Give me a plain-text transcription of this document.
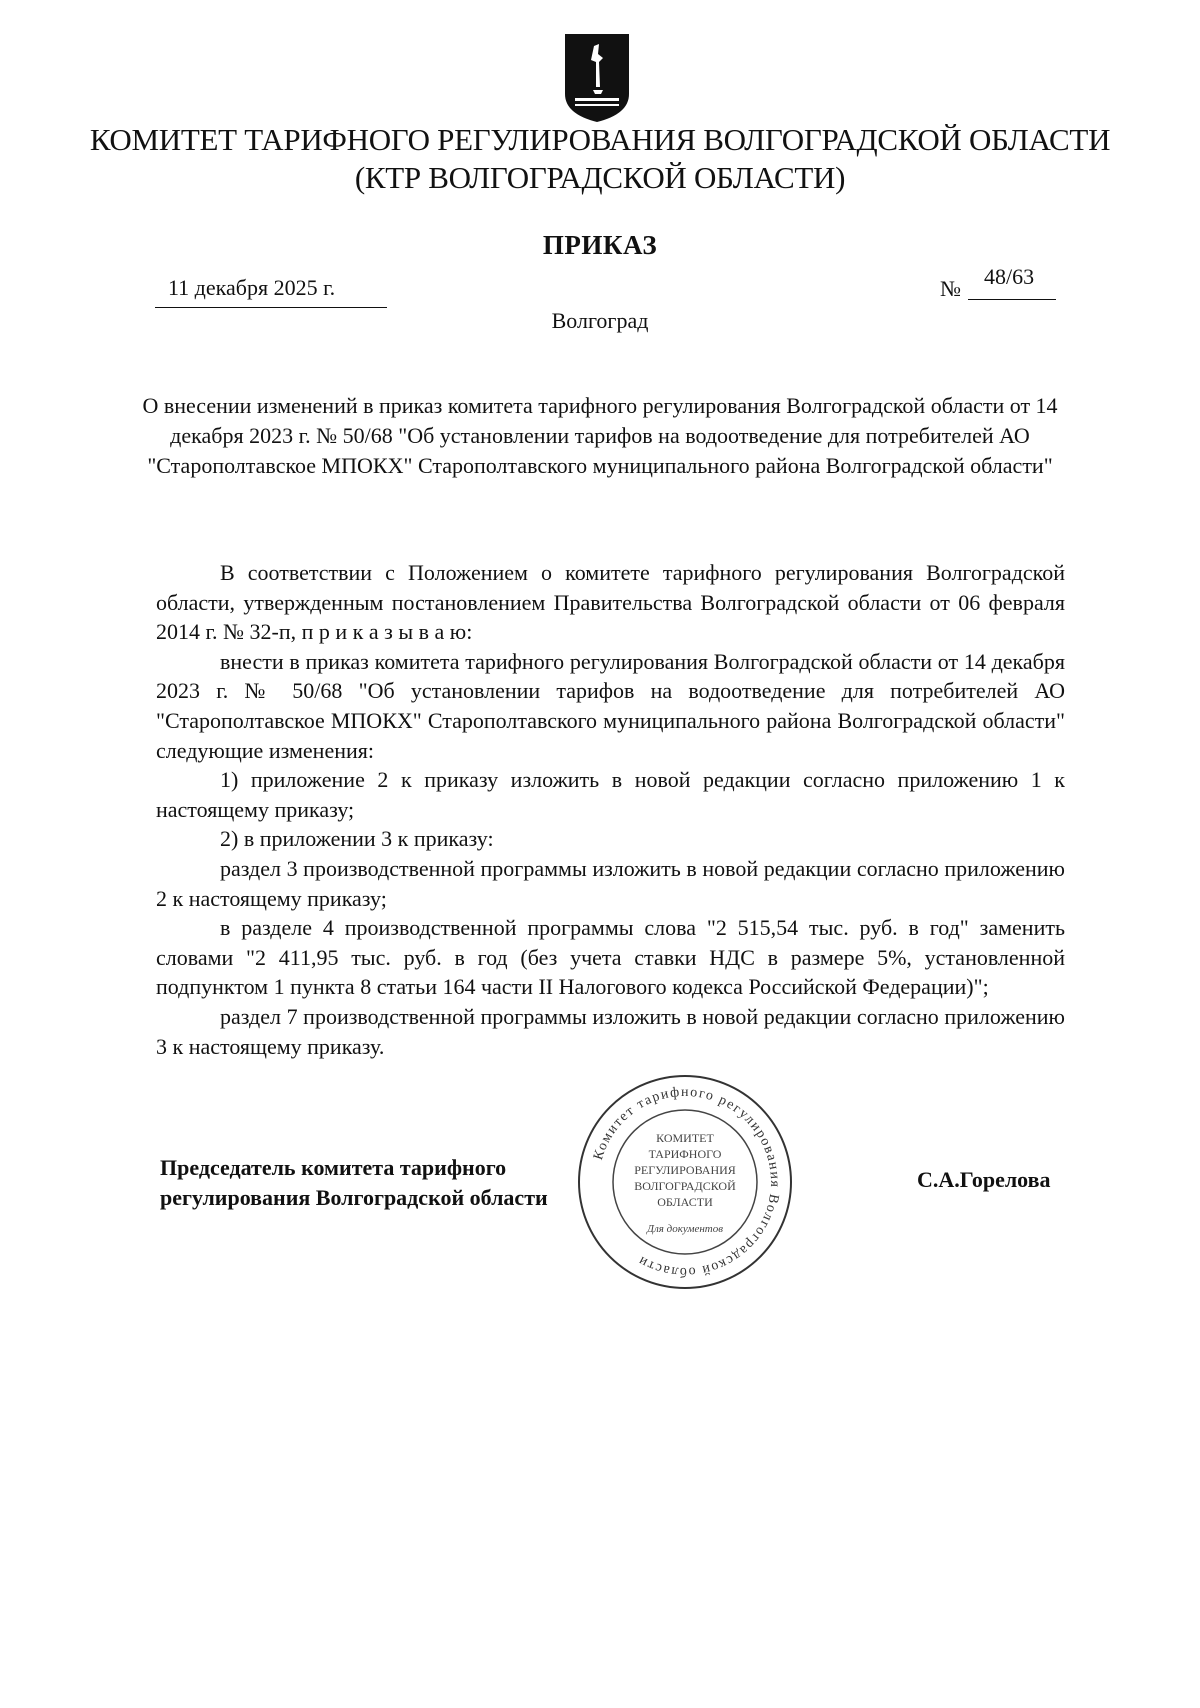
КОМИТЕТ ТАРИФНОГО РЕГУЛИРОВАНИЯ ВОЛГОГРАДСКОЙ ОБЛАСТИ
(КТР ВОЛГОГРАДСКОЙ ОБЛАСТИ)
ПРИКАЗ
11 декабря 2025 г.	№ 48/63
Волгоград
О внесении изменений в приказ комитета тарифного регулирования Волгоградской области от 14 декабря 2023 г. № 50/68 "Об установлении тарифов на водоотведение для потребителей АО "Старополтавское МПОКХ" Старополтавского муниципального района Волгоградской области"

В соответствии с Положением о комитете тарифного регулирования Волгоградской области, утвержденным постановлением Правительства Волгоградской области от 06 февраля 2014 г. № 32-п, п р и к а з ы в а ю:

внести в приказ комитета тарифного регулирования Волгоградской области от 14 декабря 2023 г. № 50/68 "Об установлении тарифов на водоотведение для потребителей АО "Старополтавское МПОКХ" Старополтавского муниципального района Волгоградской области" следующие изменения:

1) приложение 2 к приказу изложить в новой редакции согласно приложению 1 к настоящему приказу;

2) в приложении 3 к приказу:

раздел 3 производственной программы изложить в новой редакции согласно приложению 2 к настоящему приказу;

в разделе 4 производственной программы слова "2 515,54 тыс. руб. в год" заменить словами "2 411,95 тыс. руб. в год (без учета ставки НДС в размере 5%, установленной подпунктом 1 пункта 8 статьи 164 части II Налогового кодекса Российской Федерации)";

раздел 7 производственной программы изложить в новой редакции согласно приложению 3 к настоящему приказу.

Председатель комитета тарифного
регулирования Волгоградской области
С.А.Горелова
Комитет тарифного регулирования Волгоградской области
КОМИТЕТ
ТАРИФНОГО
РЕГУЛИРОВАНИЯ
ВОЛГОГРАДСКОЙ
ОБЛАСТИ
Для документов
